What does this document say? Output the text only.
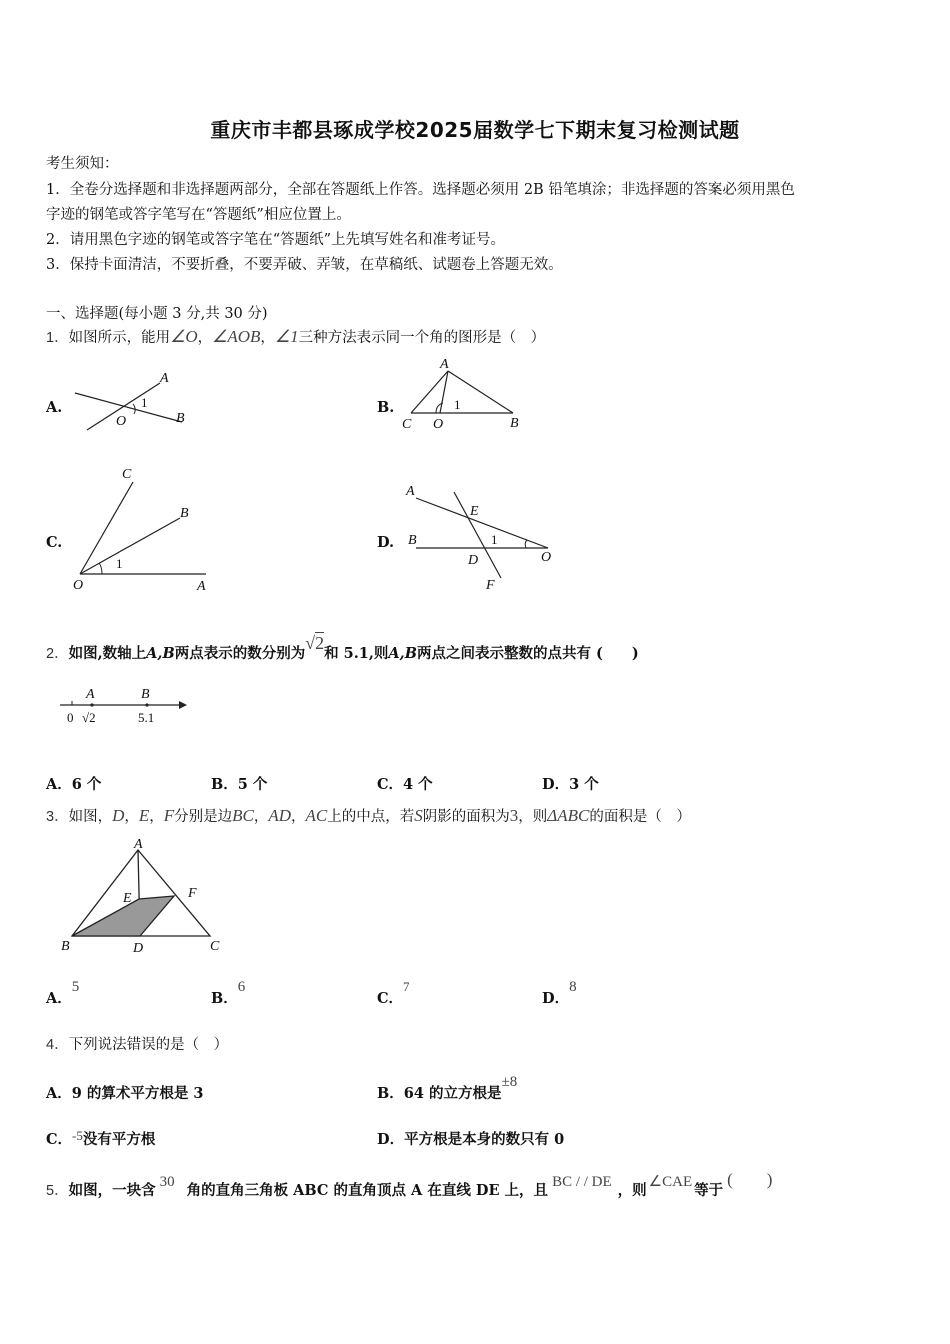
重庆市丰都县琢成学校2025届数学七下期末复习检测试题
考生须知：
1．全卷分选择题和非选择题两部分，全部在答题纸上作答。选择题必须用 2B 铅笔填涂；非选择题的答案必须用黑色
字迹的钢笔或答字笔写在“答题纸”相应位置上。
2．请用黑色字迹的钢笔或答字笔在“答题纸”上先填写姓名和准考证号。
3．保持卡面清洁，不要折叠，不要弄破、弄皱，在草稿纸、试题卷上答题无效。
一、选择题(每小题 3 分,共 30 分)
1．如图所示，能用∠O，∠AOB，∠1三种方法表示同一个角的图形是（　）
A.
A
B
O
1	B.
A
C O	B
1
C.
C
B
O	A
1
D.
A
B
E
D	O
F
1
2．如图,数轴上A,B两点表示的数分别为√2和 5.1,则A,B两点之间表示整数的点共有 (　　)
A	B
0 √2	5.1
A．6 个	B．5 个	C．4 个	D．3 个
3．如图，D，E，F分别是边BC，AD，AC上的中点，若S阴影的面积为3，则ΔABC的面积是（　）
A
E	F
B	D	C
A．5
B．6
C．7
D．8
4．下列说法错误的是（　）
A．9 的算术平方根是 3	B．64 的立方根是±8
C．-5没有平方根	D．平方根是本身的数只有 0
5．如图，一块含 30 角的直角三角板 ABC 的直角顶点 A 在直线 DE 上，且 BC / / DE ，则 ∠CAE 等于(　　)
